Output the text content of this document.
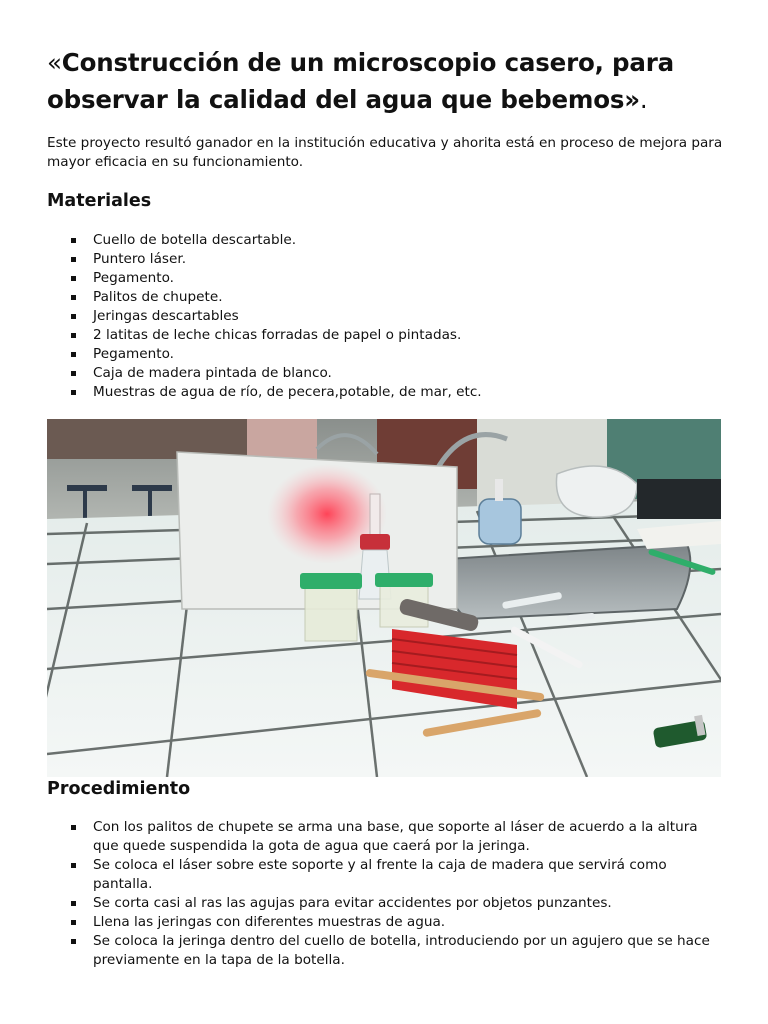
«Construcción de un microscopio casero, para observar la calidad del agua que bebemos».

Este proyecto resultó ganador en la institución educativa y ahorita está en proceso de mejora para mayor eficacia en su funcionamiento.

Materiales
Cuello de botella descartable.
Puntero láser.
Pegamento.
Palitos de chupete.
Jeringas descartables
2 latitas de leche chicas forradas de papel o pintadas.
Pegamento.
Caja de madera pintada de blanco.
Muestras de agua de río, de pecera,potable, de mar, etc.
Procedimiento
Con los palitos de chupete se arma una base, que soporte al láser de acuerdo a la altura que quede suspendida la gota de agua que caerá por la jeringa.
Se coloca el láser sobre este soporte y al frente la caja de madera que servirá como pantalla.
Se corta casi al ras las agujas para evitar accidentes por objetos punzantes.
Llena las jeringas con diferentes muestras de agua.
Se coloca la jeringa dentro del cuello de botella, introduciendo por un agujero que se hace previamente en la tapa de la botella.
